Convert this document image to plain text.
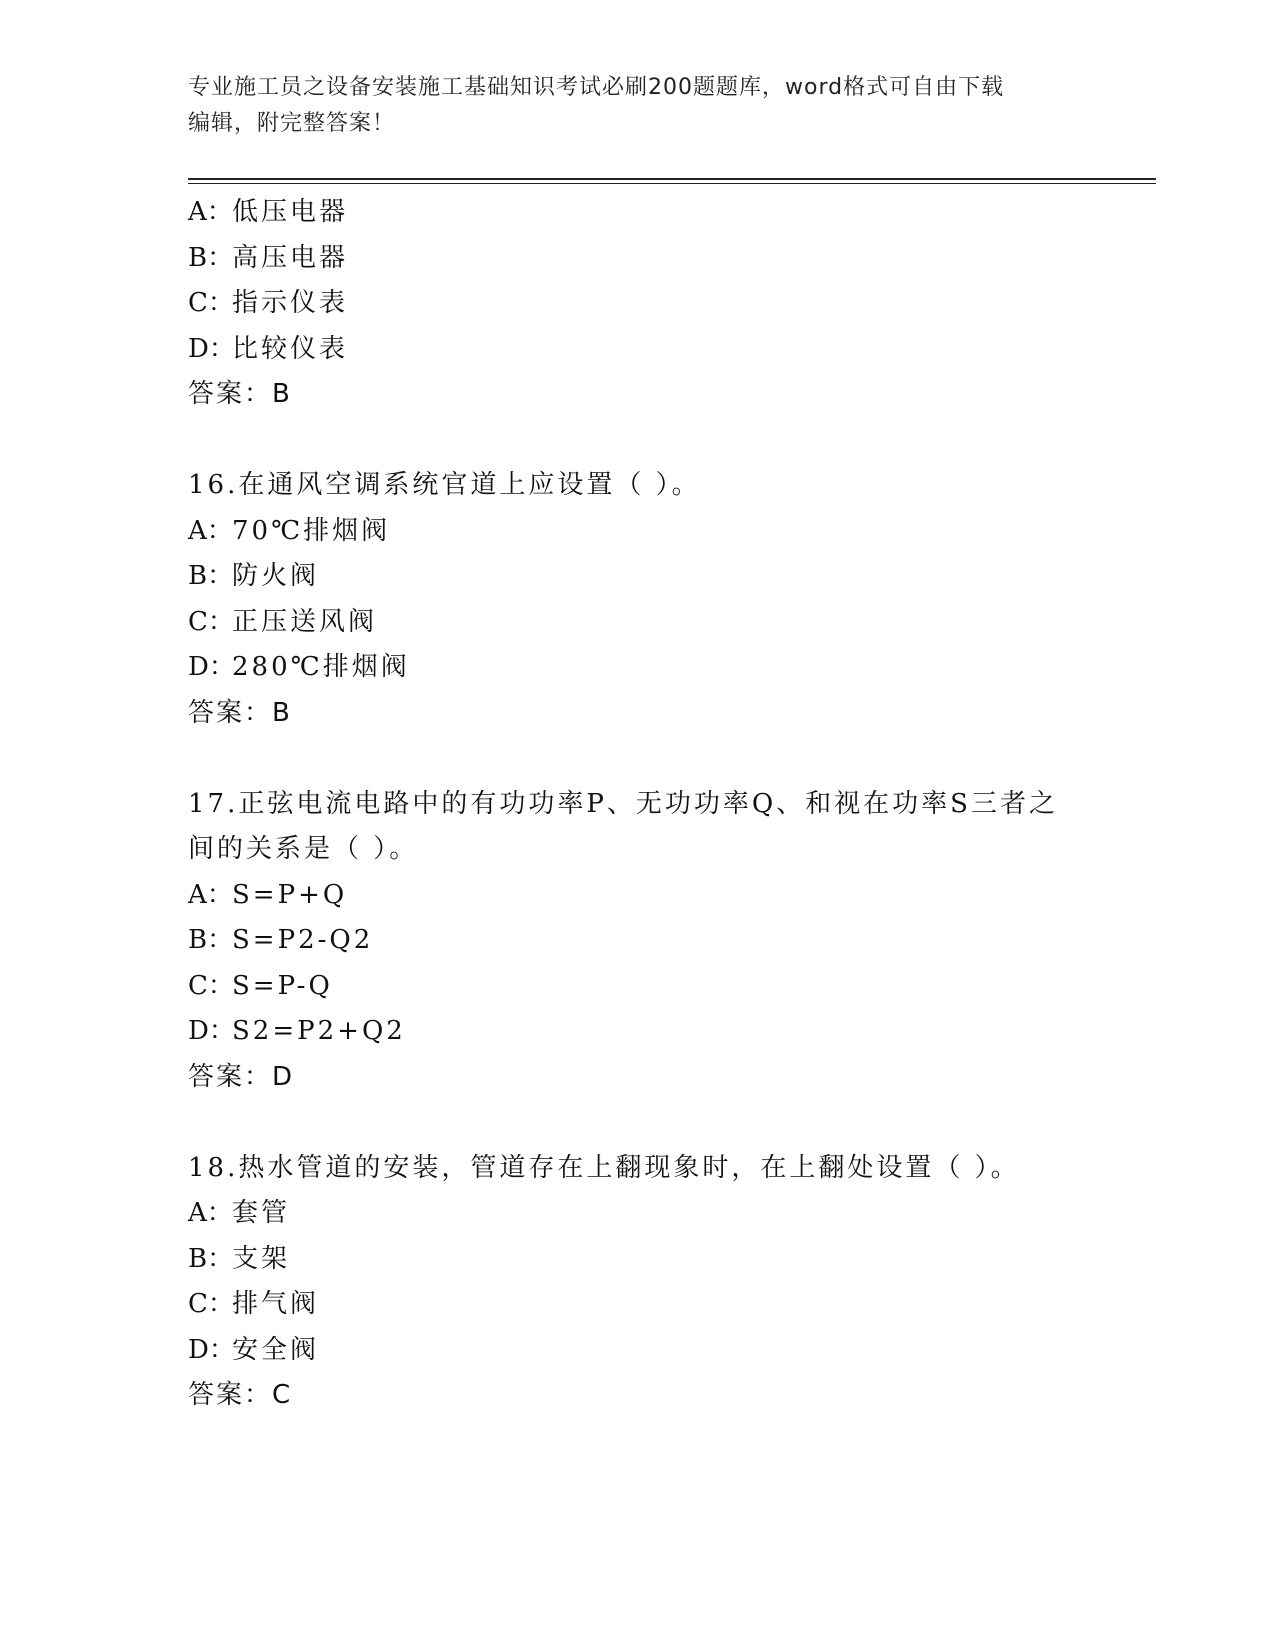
专业施工员之设备安装施工基础知识考试必刷200题题库，word格式可自由下载
编辑，附完整答案！
A：低压电器
B：高压电器
C：指示仪表
D：比较仪表
答案：B
16.在通风空调系统官道上应设置（ ）。
A：70℃排烟阀
B：防火阀
C：正压送风阀
D：280℃排烟阀
答案：B
17.正弦电流电路中的有功功率P、无功功率Q、和视在功率S三者之
间的关系是（ ）。
A：S=P+Q
B：S=P2-Q2
C：S=P-Q
D：S2=P2+Q2
答案：D
18.热水管道的安装，管道存在上翻现象时，在上翻处设置（ ）。
A：套管
B：支架
C：排气阀
D：安全阀
答案：C
